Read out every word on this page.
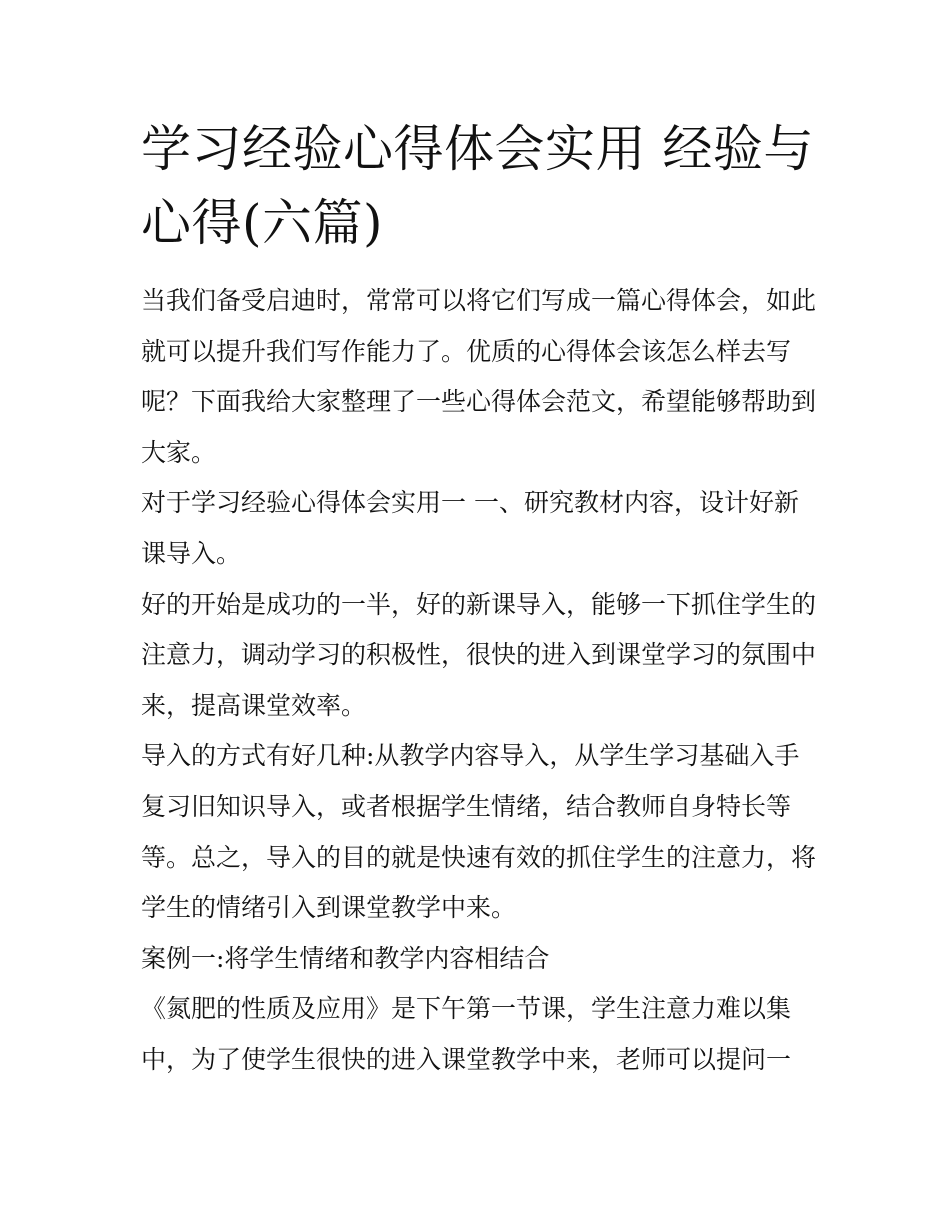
学习经验心得体会实用 经验与
心得(六篇)

当我们备受启迪时，常常可以将它们写成一篇心得体会，如此
就可以提升我们写作能力了。优质的心得体会该怎么样去写
呢？下面我给大家整理了一些心得体会范文，希望能够帮助到
大家。

对于学习经验心得体会实用一 一、研究教材内容，设计好新
课导入。

好的开始是成功的一半，好的新课导入，能够一下抓住学生的
注意力，调动学习的积极性，很快的进入到课堂学习的氛围中
来，提高课堂效率。

导入的方式有好几种:从教学内容导入，从学生学习基础入手
复习旧知识导入，或者根据学生情绪，结合教师自身特长等
等。总之，导入的目的就是快速有效的抓住学生的注意力，将
学生的情绪引入到课堂教学中来。

案例一:将学生情绪和教学内容相结合

《氮肥的性质及应用》是下午第一节课，学生注意力难以集
中，为了使学生很快的进入课堂教学中来，老师可以提问一
